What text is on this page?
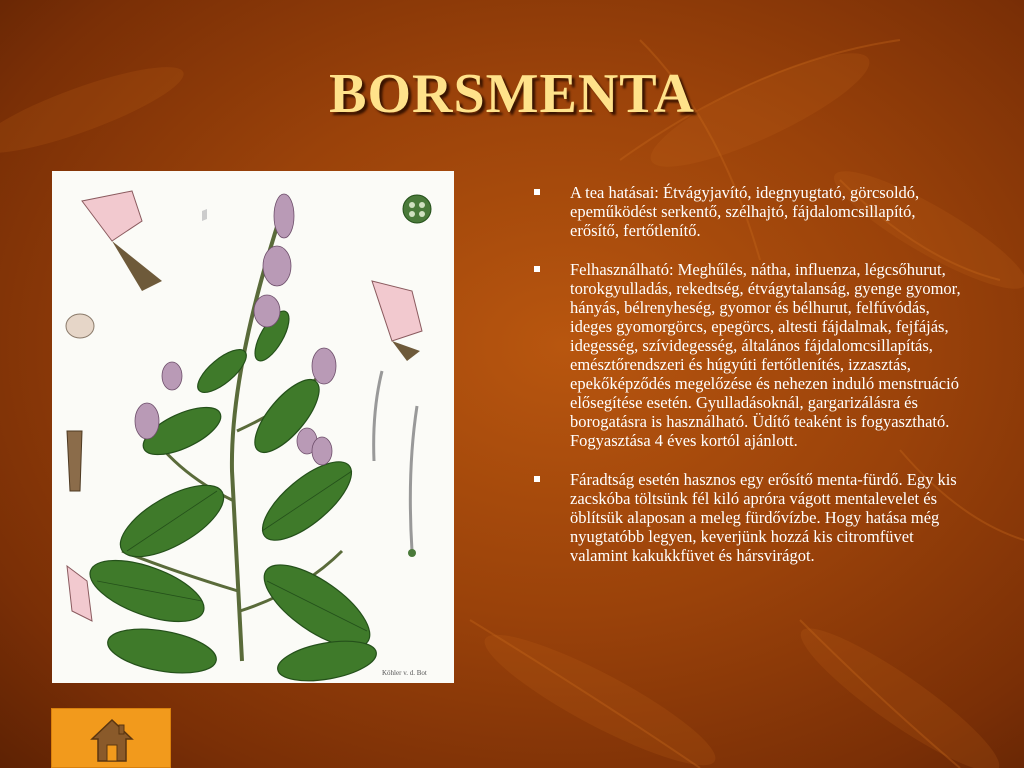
BORSMENTA
Köhler v. d. Bot
A tea hatásai: Étvágyjavító, idegnyugtató, görcsoldó, epeműködést serkentő, szélhajtó, fájdalomcsillapító, erősítő, fertőtlenítő.
Felhasználható: Meghűlés, nátha, influenza, légcsőhurut, torokgyulladás, rekedtség, étvágytalanság, gyenge gyomor, hányás, bélrenyheség, gyomor és bélhurut, felfúvódás, ideges gyomorgörcs, epegörcs, altesti fájdalmak, fejfájás, idegesség, szívidegesség, általános fájdalomcsillapítás, emésztőrendszeri és húgyúti fertőtlenítés, izzasztás, epekőképződés megelőzése és nehezen induló menstruáció elősegítése esetén. Gyulladásoknál, gargarizálásra és borogatásra is használható. Üdítő teaként is fogyasztható. Fogyasztása 4 éves kortól ajánlott.
Fáradtság esetén hasznos egy erősítő menta-fürdő. Egy kis zacskóba töltsünk fél kiló apróra vágott mentalevelet és öblítsük alaposan a meleg fürdővízbe. Hogy hatása még nyugtatóbb legyen, keverjünk hozzá kis citromfüvet valamint kakukkfüvet és hársvirágot.
